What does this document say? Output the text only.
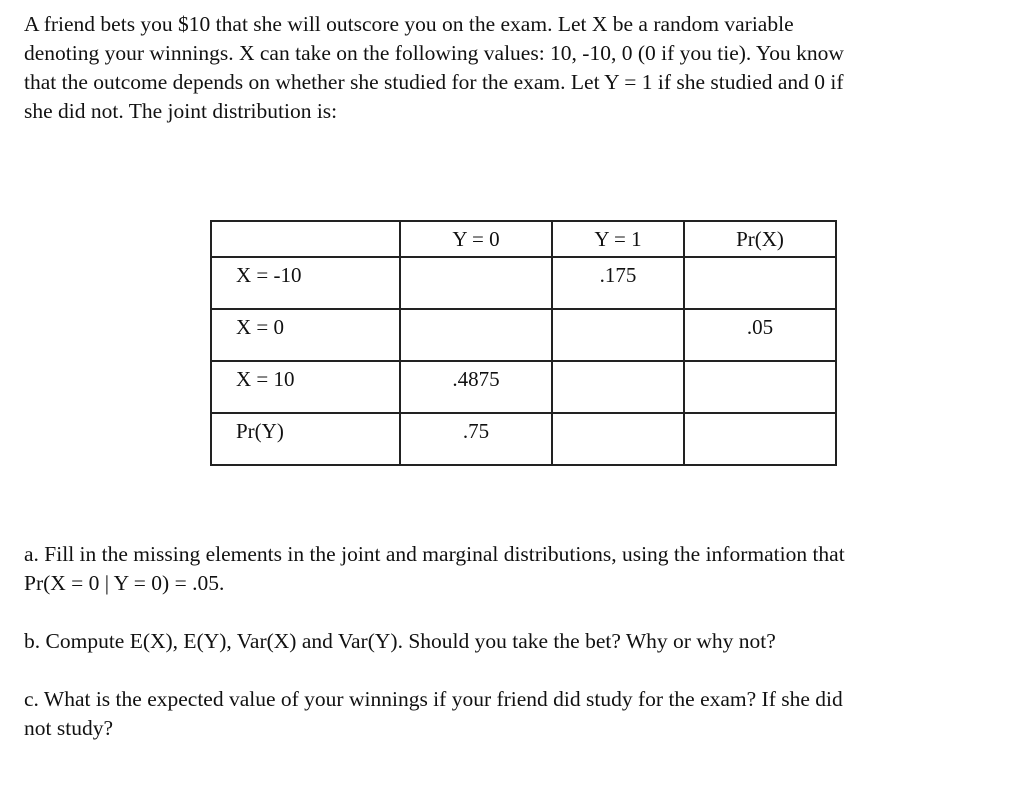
A friend bets you $10 that she will outscore you on the exam. Let X be a random variable
denoting your winnings. X can take on the following values: 10, -10, 0 (0 if you tie). You know
that the outcome depends on whether she studied for the exam. Let Y = 1 if she studied and 0 if
she did not. The joint distribution is:

	Y = 0	Y = 1	Pr(X)
X = -10		.175	
X = 0			.05
X = 10	.4875		
Pr(Y)	.75		

a. Fill in the missing elements in the joint and marginal distributions, using the information that
Pr(X = 0 | Y = 0) = .05.

b. Compute E(X), E(Y), Var(X) and Var(Y). Should you take the bet? Why or why not?

c. What is the expected value of your winnings if your friend did study for the exam? If she did
not study?
